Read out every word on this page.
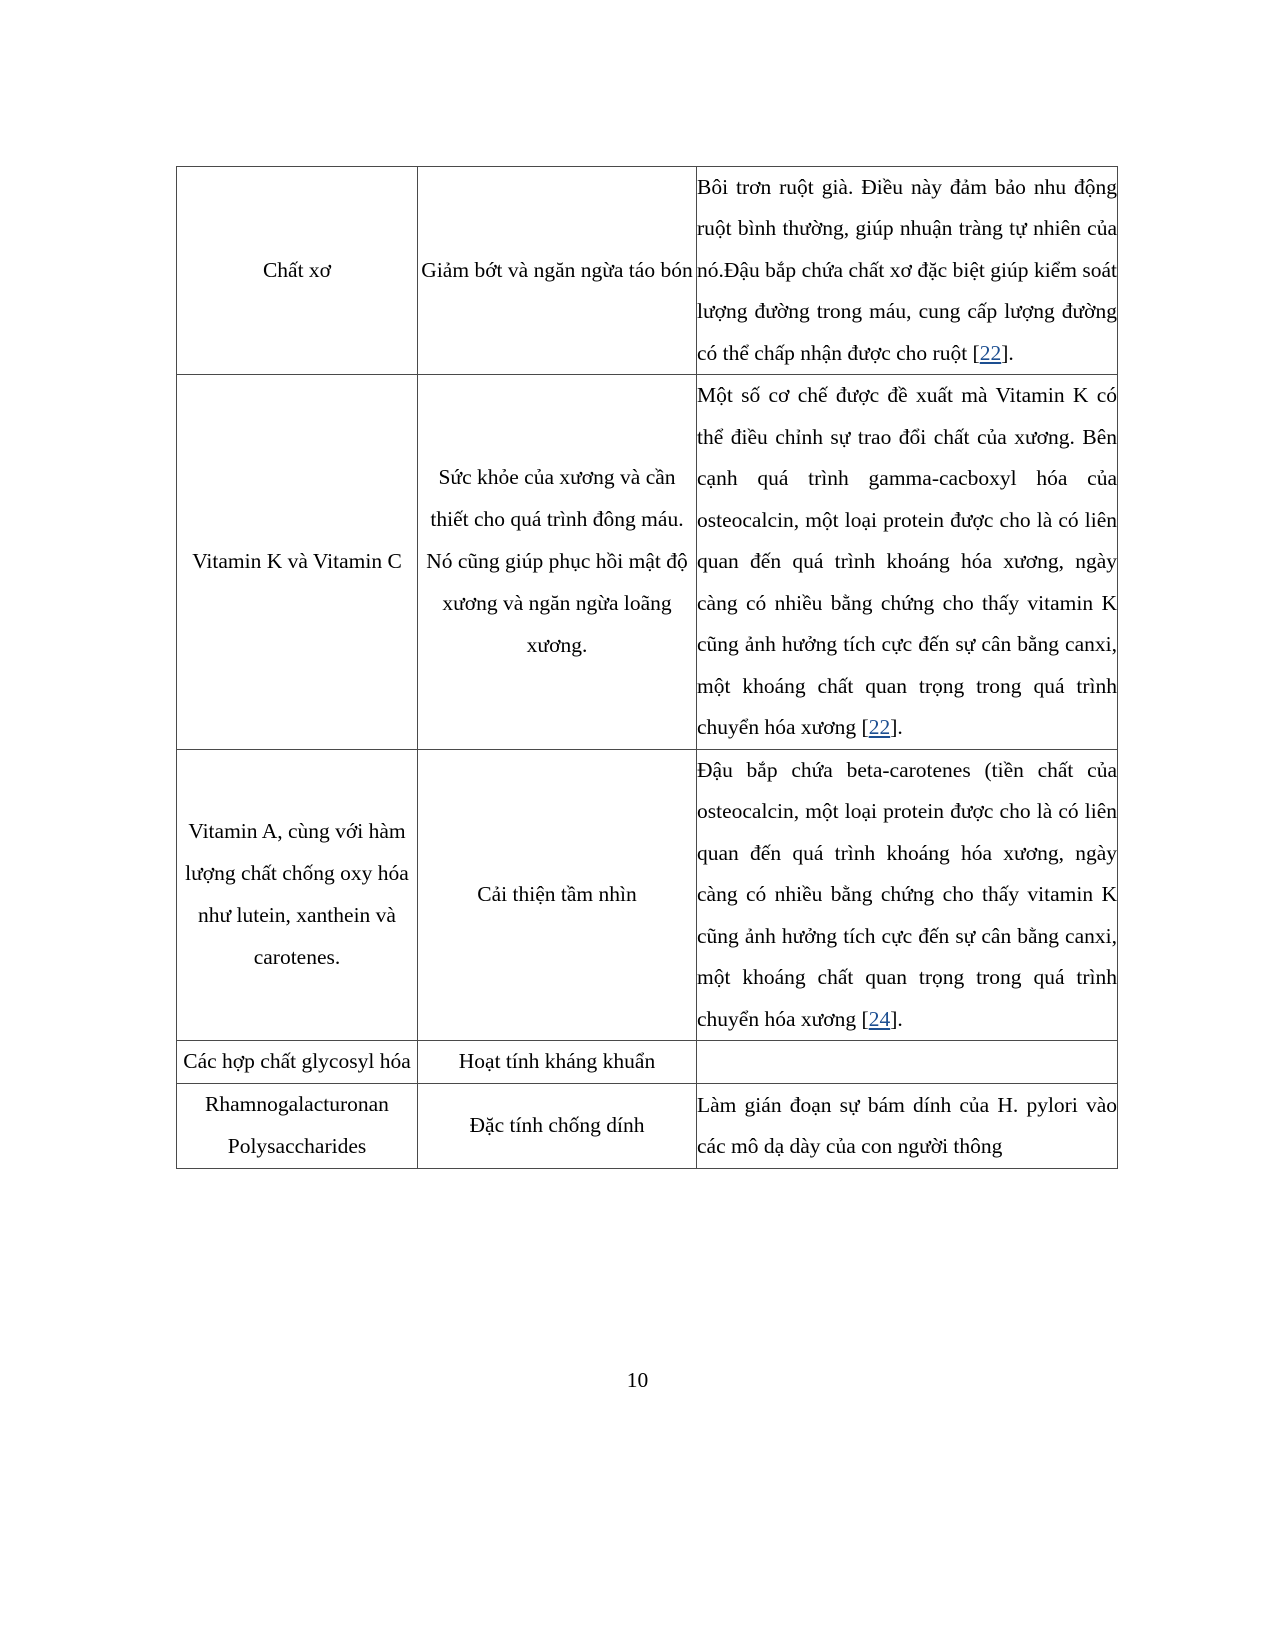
Chất xơ	Giảm bớt và ngăn ngừa táo bón	Bôi trơn ruột già. Điều này đảm bảo nhu động ruột bình thường, giúp nhuận tràng tự nhiên của nó.Đậu bắp chứa chất xơ đặc biệt giúp kiểm soát lượng đường trong máu, cung cấp lượng đường có thể chấp nhận được cho ruột [22].
Vitamin K và Vitamin C	Sức khỏe của xương và cần thiết cho quá trình đông máu. Nó cũng giúp phục hồi mật độ xương và ngăn ngừa loãng xương.	Một số cơ chế được đề xuất mà Vitamin K có thể điều chỉnh sự trao đổi chất của xương. Bên cạnh quá trình gamma-cacboxyl hóa của osteocalcin, một loại protein được cho là có liên quan đến quá trình khoáng hóa xương, ngày càng có nhiều bằng chứng cho thấy vitamin K cũng ảnh hưởng tích cực đến sự cân bằng canxi, một khoáng chất quan trọng trong quá trình chuyển hóa xương [22].
Vitamin A, cùng với hàm lượng chất chống oxy hóa như lutein, xanthein và carotenes.	Cải thiện tầm nhìn	Đậu bắp chứa beta-carotenes (tiền chất của osteocalcin, một loại protein được cho là có liên quan đến quá trình khoáng hóa xương, ngày càng có nhiều bằng chứng cho thấy vitamin K cũng ảnh hưởng tích cực đến sự cân bằng canxi, một khoáng chất quan trọng trong quá trình chuyển hóa xương [24].
Các hợp chất glycosyl hóa	Hoạt tính kháng khuẩn	
Rhamnogalacturonan Polysaccharides	Đặc tính chống dính	Làm gián đoạn sự bám dính của H. pylori vào các mô dạ dày của con người thông
10
